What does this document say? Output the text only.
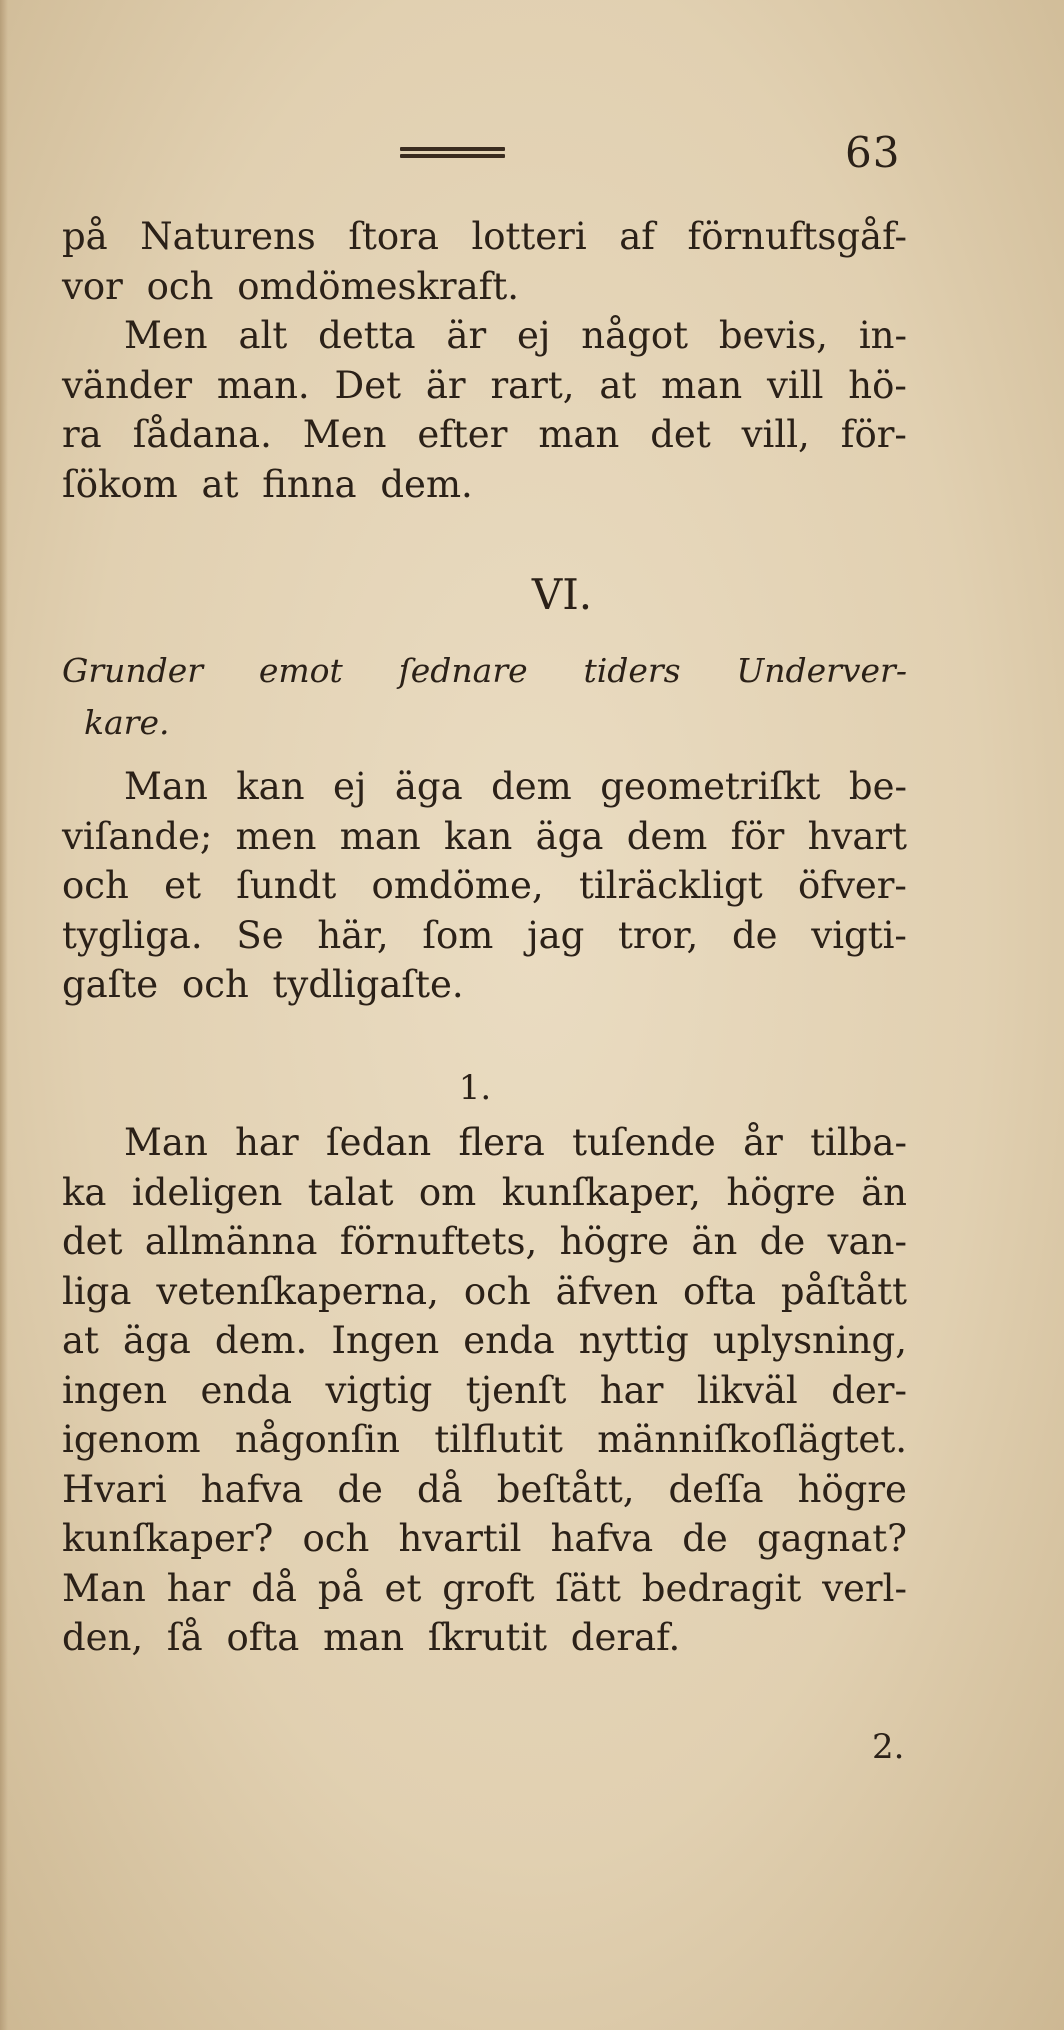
63
på Naturens ſtora lotteri af förnuftsgåf-
vor och omdömeskraft.
Men alt detta är ej något bevis, in-
vänder man. Det är rart, at man vill hö-
ra ſådana. Men efter man det vill, för-
ſökom at finna dem.
VI.
Grunder emot ſednare tiders Underver-
kare.
Man kan ej äga dem geometriſkt be-
viſande; men man kan äga dem för hvart
och et ſundt omdöme, tilräckligt öfver-
tygliga. Se här, ſom jag tror, de vigti-
gaſte och tydligaſte.
1.
Man har ſedan flera tuſende år tilba-
ka ideligen talat om kunſkaper, högre än
det allmänna förnuftets, högre än de van-
liga vetenſkaperna, och äfven ofta påſtått
at äga dem. Ingen enda nyttig uplysning,
ingen enda vigtig tjenſt har likväl der-
igenom någonſin tilflutit männiſkoſlägtet.
Hvari hafva de då beſtått, deſſa högre
kunſkaper? och hvartil hafva de gagnat?
Man har då på et groft ſätt bedragit verl-
den, ſå ofta man ſkrutit deraf.
2.
